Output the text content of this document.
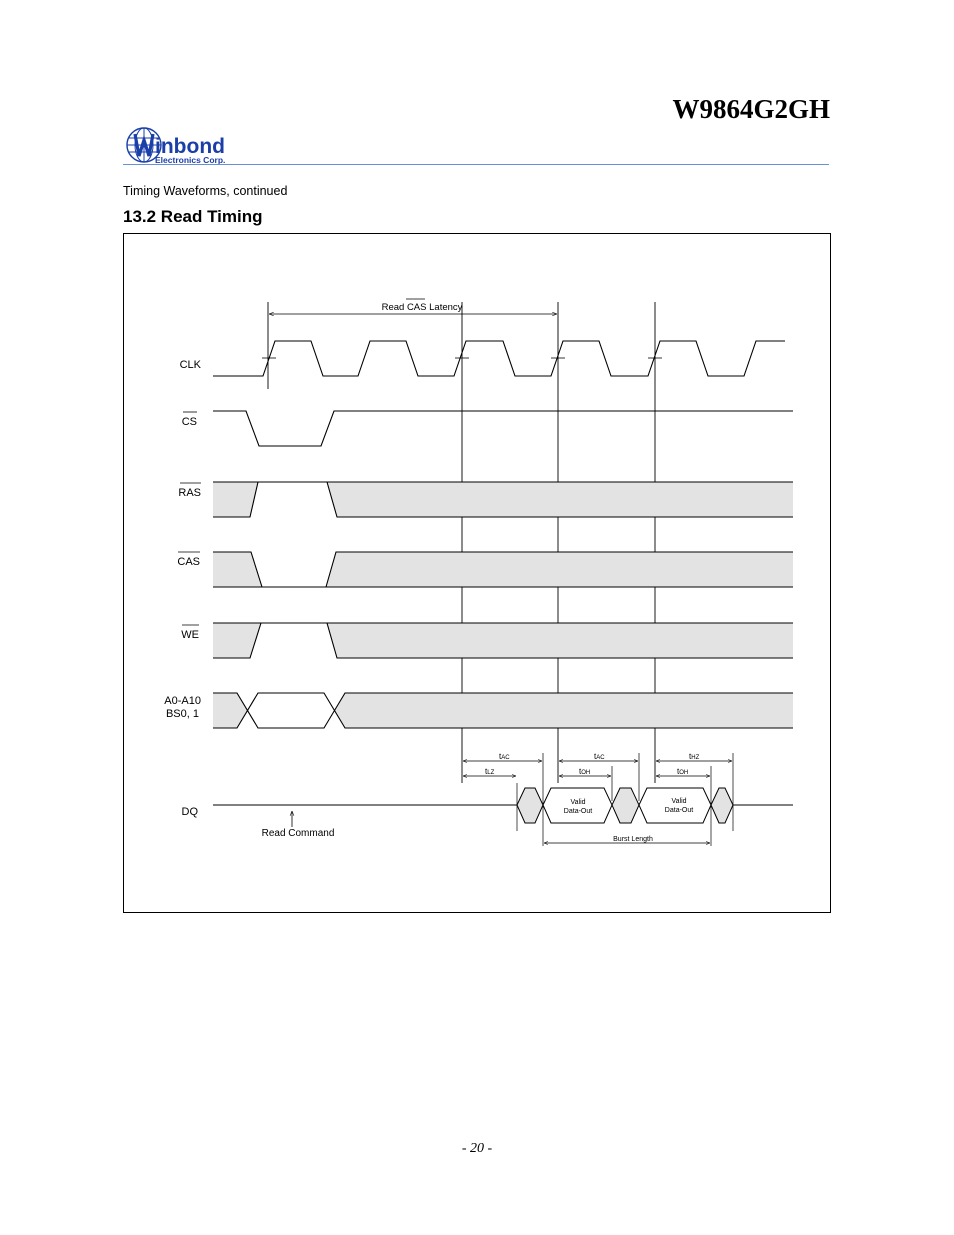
W9864G2GH
inbond
Electronics Corp.

Timing Waveforms, continued

13.2 Read Timing
CLK
CS
RAS
CAS
WE
A0-A10
BS0, 1
DQ
Read CAS Latency
tAC
tLZ
tAC
tOH
tHZ
tOH
Valid
Data-Out
Valid
Data-Out
Burst Length
Read Command

- 20 -
